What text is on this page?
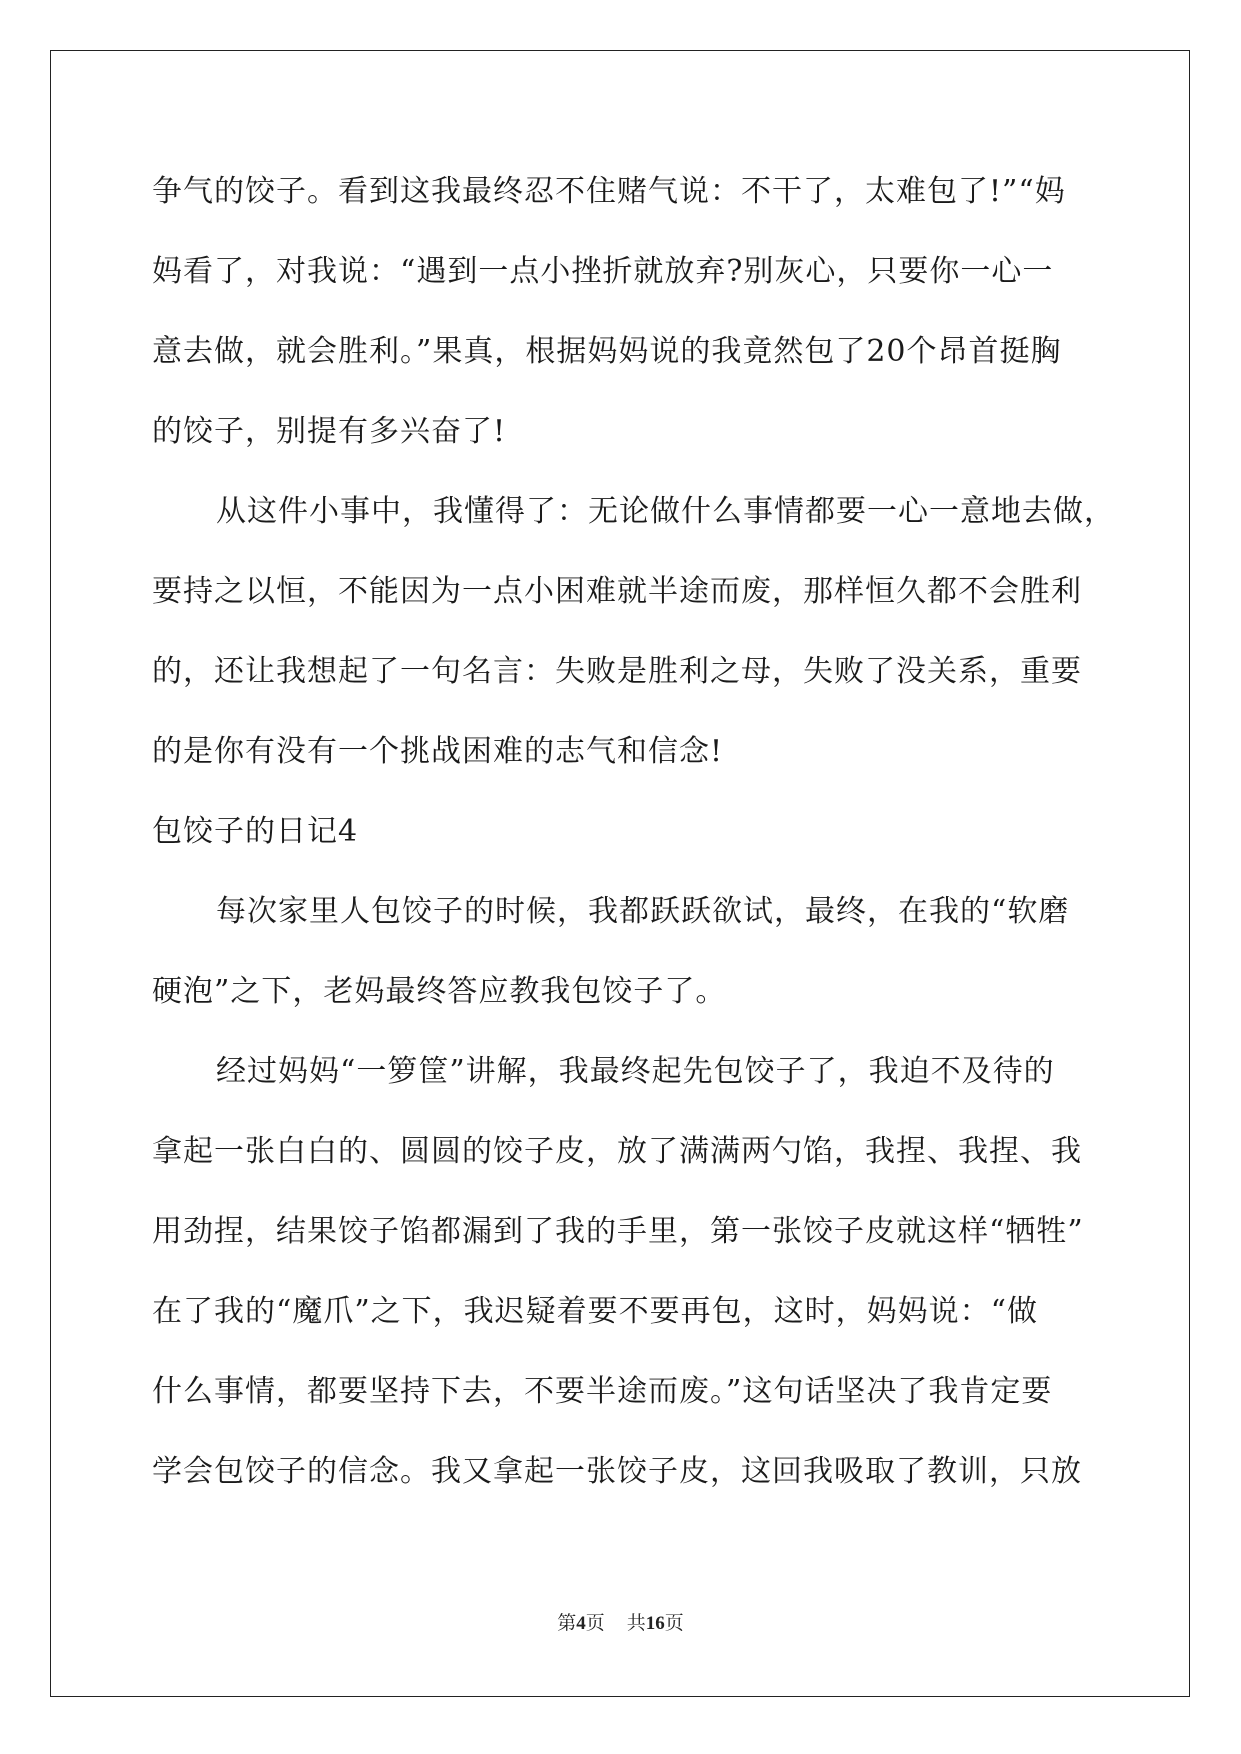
争气的饺子。看到这我最终忍不住赌气说：不干了，太难包了!”“妈
妈看了，对我说：“遇到一点小挫折就放弃?别灰心，只要你一心一
意去做，就会胜利。”果真，根据妈妈说的我竟然包了20个昂首挺胸
的饺子，别提有多兴奋了!
从这件小事中，我懂得了：无论做什么事情都要一心一意地去做，
要持之以恒，不能因为一点小困难就半途而废，那样恒久都不会胜利
的，还让我想起了一句名言：失败是胜利之母，失败了没关系，重要
的是你有没有一个挑战困难的志气和信念!
包饺子的日记4
每次家里人包饺子的时候，我都跃跃欲试，最终，在我的“软磨
硬泡”之下，老妈最终答应教我包饺子了。
经过妈妈“一箩筐”讲解，我最终起先包饺子了，我迫不及待的
拿起一张白白的、圆圆的饺子皮，放了满满两勺馅，我捏、我捏、我
用劲捏，结果饺子馅都漏到了我的手里，第一张饺子皮就这样“牺牲”
在了我的“魔爪”之下，我迟疑着要不要再包，这时，妈妈说：“做
什么事情，都要坚持下去，不要半途而废。”这句话坚决了我肯定要
学会包饺子的信念。我又拿起一张饺子皮，这回我吸取了教训，只放
第4页 共16页
